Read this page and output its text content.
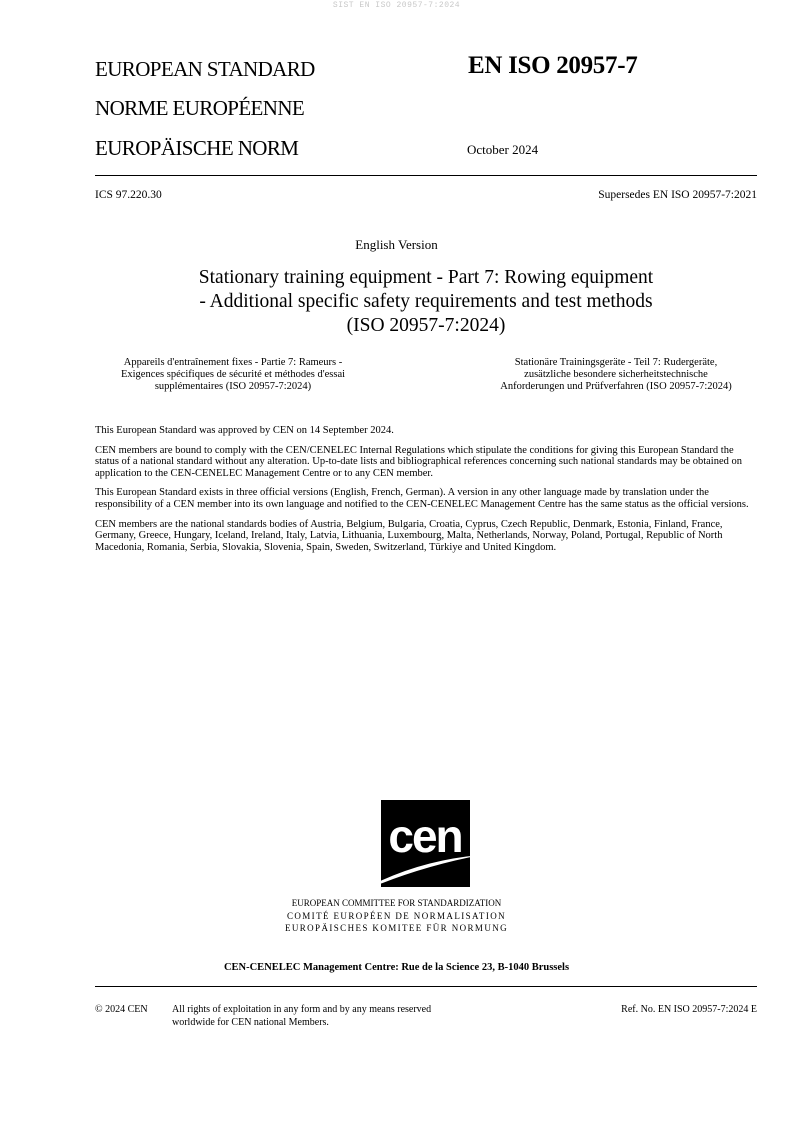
SIST EN ISO 20957-7:2024
EUROPEAN STANDARD
NORME EUROPÉENNE
EUROPÄISCHE NORM
EN ISO 20957-7
October 2024
ICS 97.220.30	Supersedes EN ISO 20957-7:2021
English Version
Stationary training equipment - Part 7: Rowing equipment
- Additional specific safety requirements and test methods
(ISO 20957-7:2024)
Appareils d'entraînement fixes - Partie 7: Rameurs -
Exigences spécifiques de sécurité et méthodes d'essai
supplémentaires (ISO 20957-7:2024)
Stationäre Trainingsgeräte - Teil 7: Rudergeräte,
zusätzliche besondere sicherheitstechnische
Anforderungen und Prüfverfahren (ISO 20957-7:2024)

This European Standard was approved by CEN on 14 September 2024.

CEN members are bound to comply with the CEN/CENELEC Internal Regulations which stipulate the conditions for giving this European Standard the status of a national standard without any alteration. Up-to-date lists and bibliographical references concerning such national standards may be obtained on application to the CEN-CENELEC Management Centre or to any CEN member.

This European Standard exists in three official versions (English, French, German). A version in any other language made by translation under the responsibility of a CEN member into its own language and notified to the CEN-CENELEC Management Centre has the same status as the official versions.

CEN members are the national standards bodies of Austria, Belgium, Bulgaria, Croatia, Cyprus, Czech Republic, Denmark, Estonia, Finland, France, Germany, Greece, Hungary, Iceland, Ireland, Italy, Latvia, Lithuania, Luxembourg, Malta, Netherlands, Norway, Poland, Portugal, Republic of North Macedonia, Romania, Serbia, Slovakia, Slovenia, Spain, Sweden, Switzerland, Türkiye and United Kingdom.

cen
EUROPEAN COMMITTEE FOR STANDARDIZATION
COMITÉ EUROPÉEN DE NORMALISATION
EUROPÄISCHES KOMITEE FÜR NORMUNG
CEN-CENELEC Management Centre: Rue de la Science 23, B-1040 Brussels
© 2024 CEN All rights of exploitation in any form and by any means reserved
worldwide for CEN national Members.
Ref. No. EN ISO 20957-7:2024 E
